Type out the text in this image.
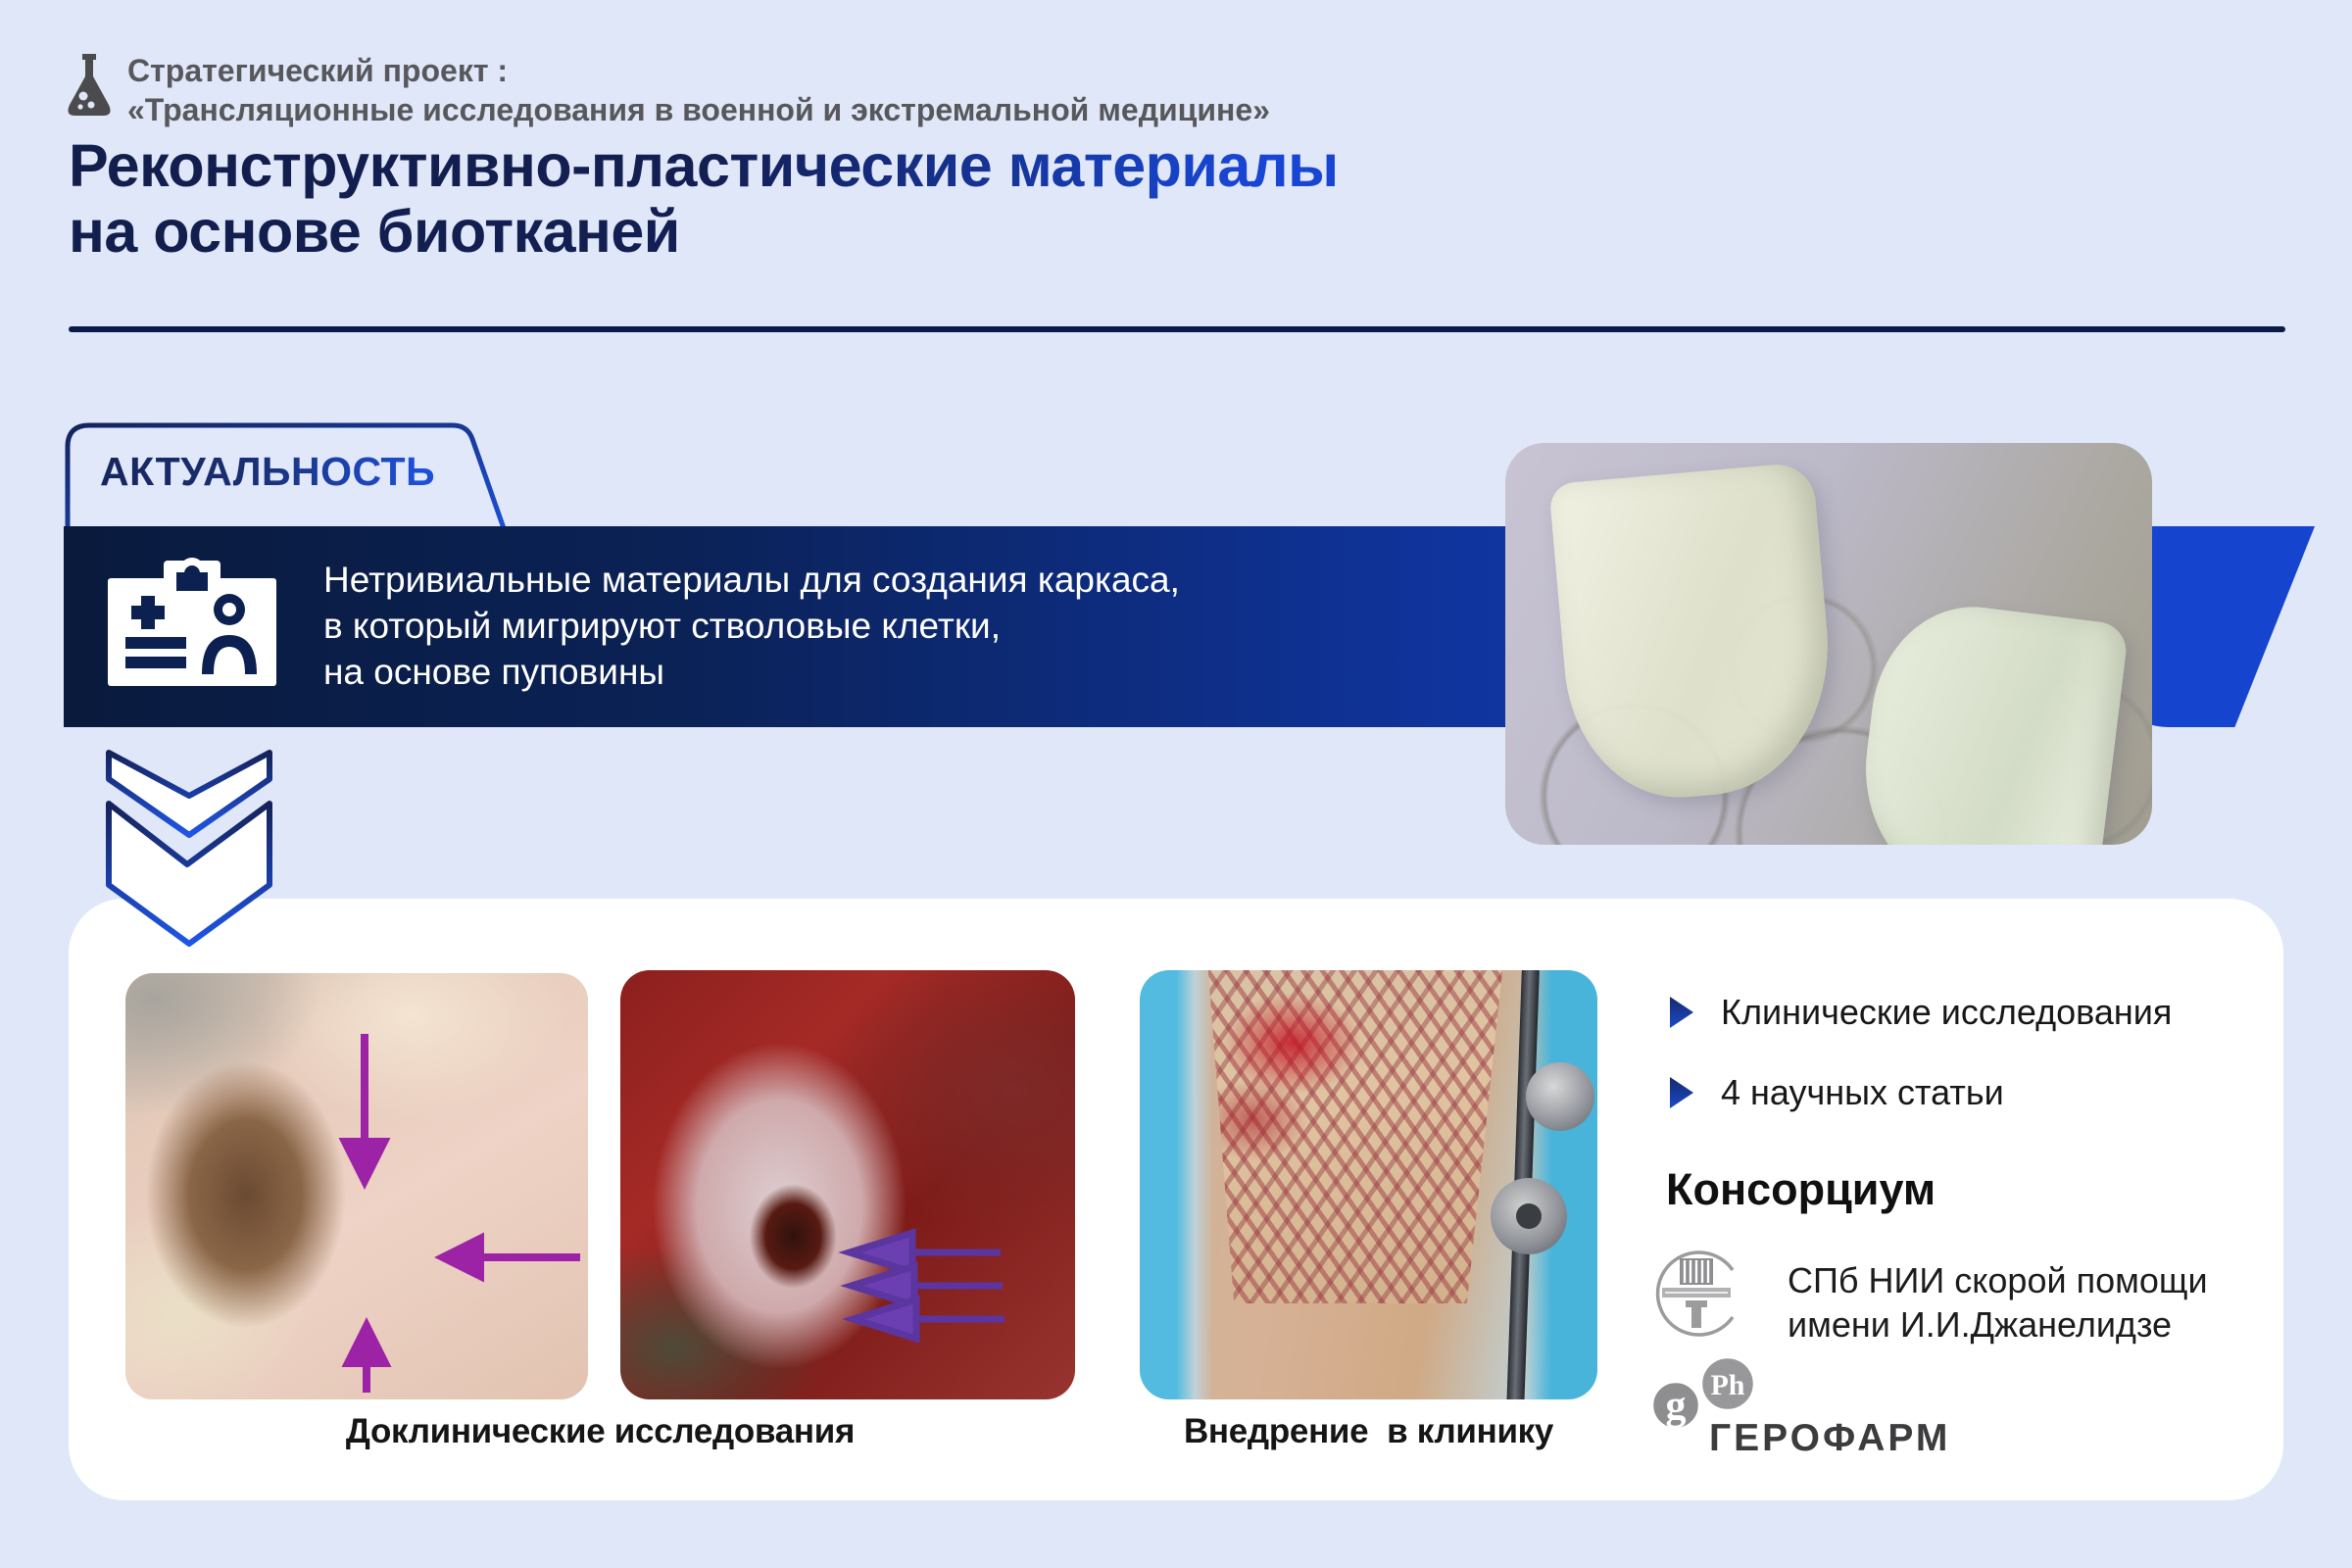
Стратегический проект :
«Трансляционные исследования в военной и экстремальной медицине»
Реконструктивно-пластические материалы
на основе биотканей
АКТУАЛЬНОСТЬ
Нетривиальные материалы для создания каркаса,
в который мигрируют стволовые клетки,
на основе пуповины
Доклинические исследования	Внедрение  в клинику
Клинические исследования
4 научных статьи
Консорциум
СПб НИИ скорой помощи
имени И.И.Джанелидзе
g Ph
ГЕРОФАРМ
